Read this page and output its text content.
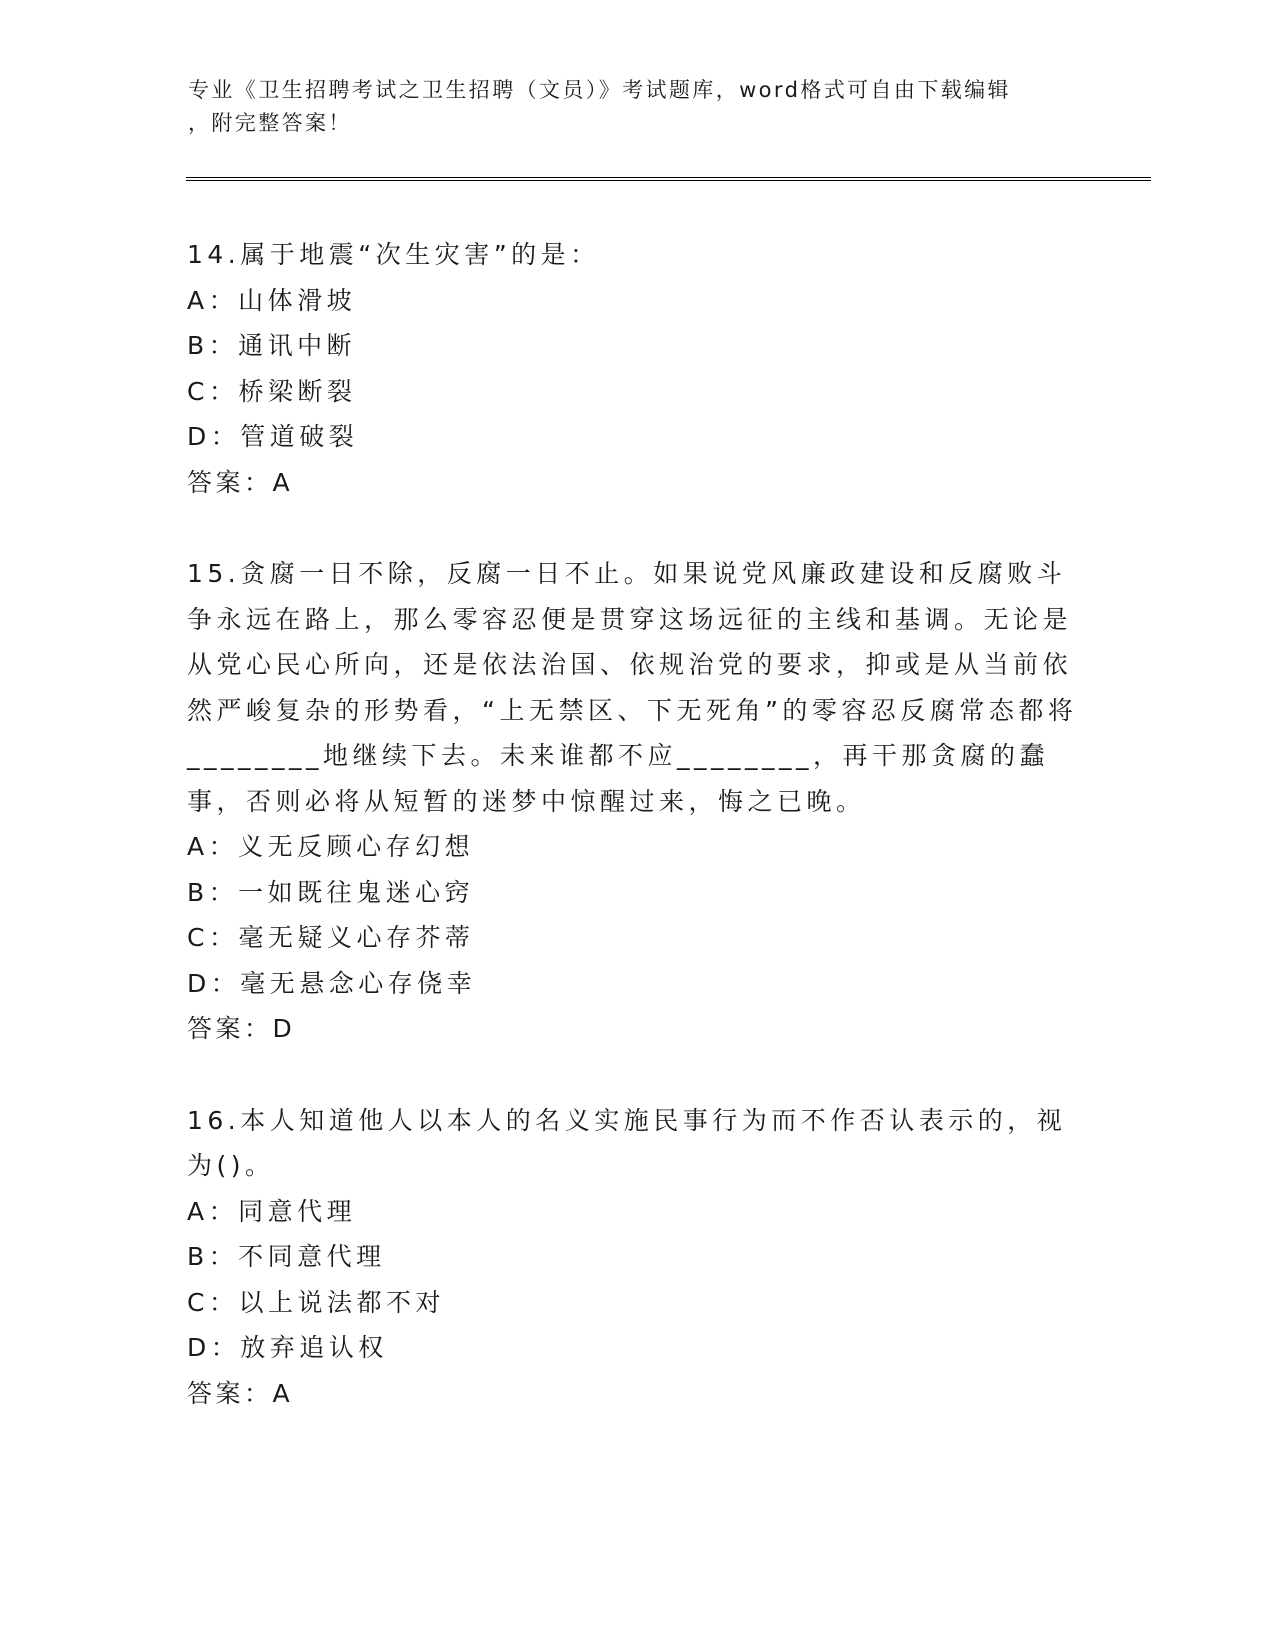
专业《卫生招聘考试之卫生招聘（文员）》考试题库，word格式可自由下载编辑
，附完整答案！

14.属于地震“次生灾害”的是：

A：山体滑坡

B：通讯中断

C：桥梁断裂

D：管道破裂

答案：A

15.贪腐一日不除，反腐一日不止。如果说党风廉政建设和反腐败斗争永远在路上，那么零容忍便是贯穿这场远征的主线和基调。无论是从党心民心所向，还是依法治国、依规治党的要求，抑或是从当前依然严峻复杂的形势看，“上无禁区、下无死角”的零容忍反腐常态都将________地继续下去。未来谁都不应________，再干那贪腐的蠢事，否则必将从短暂的迷梦中惊醒过来，悔之已晚。

A：义无反顾心存幻想

B：一如既往鬼迷心窍

C：毫无疑义心存芥蒂

D：毫无悬念心存侥幸

答案：D

16.本人知道他人以本人的名义实施民事行为而不作否认表示的，视为()。

A：同意代理

B：不同意代理

C：以上说法都不对

D：放弃追认权

答案：A
